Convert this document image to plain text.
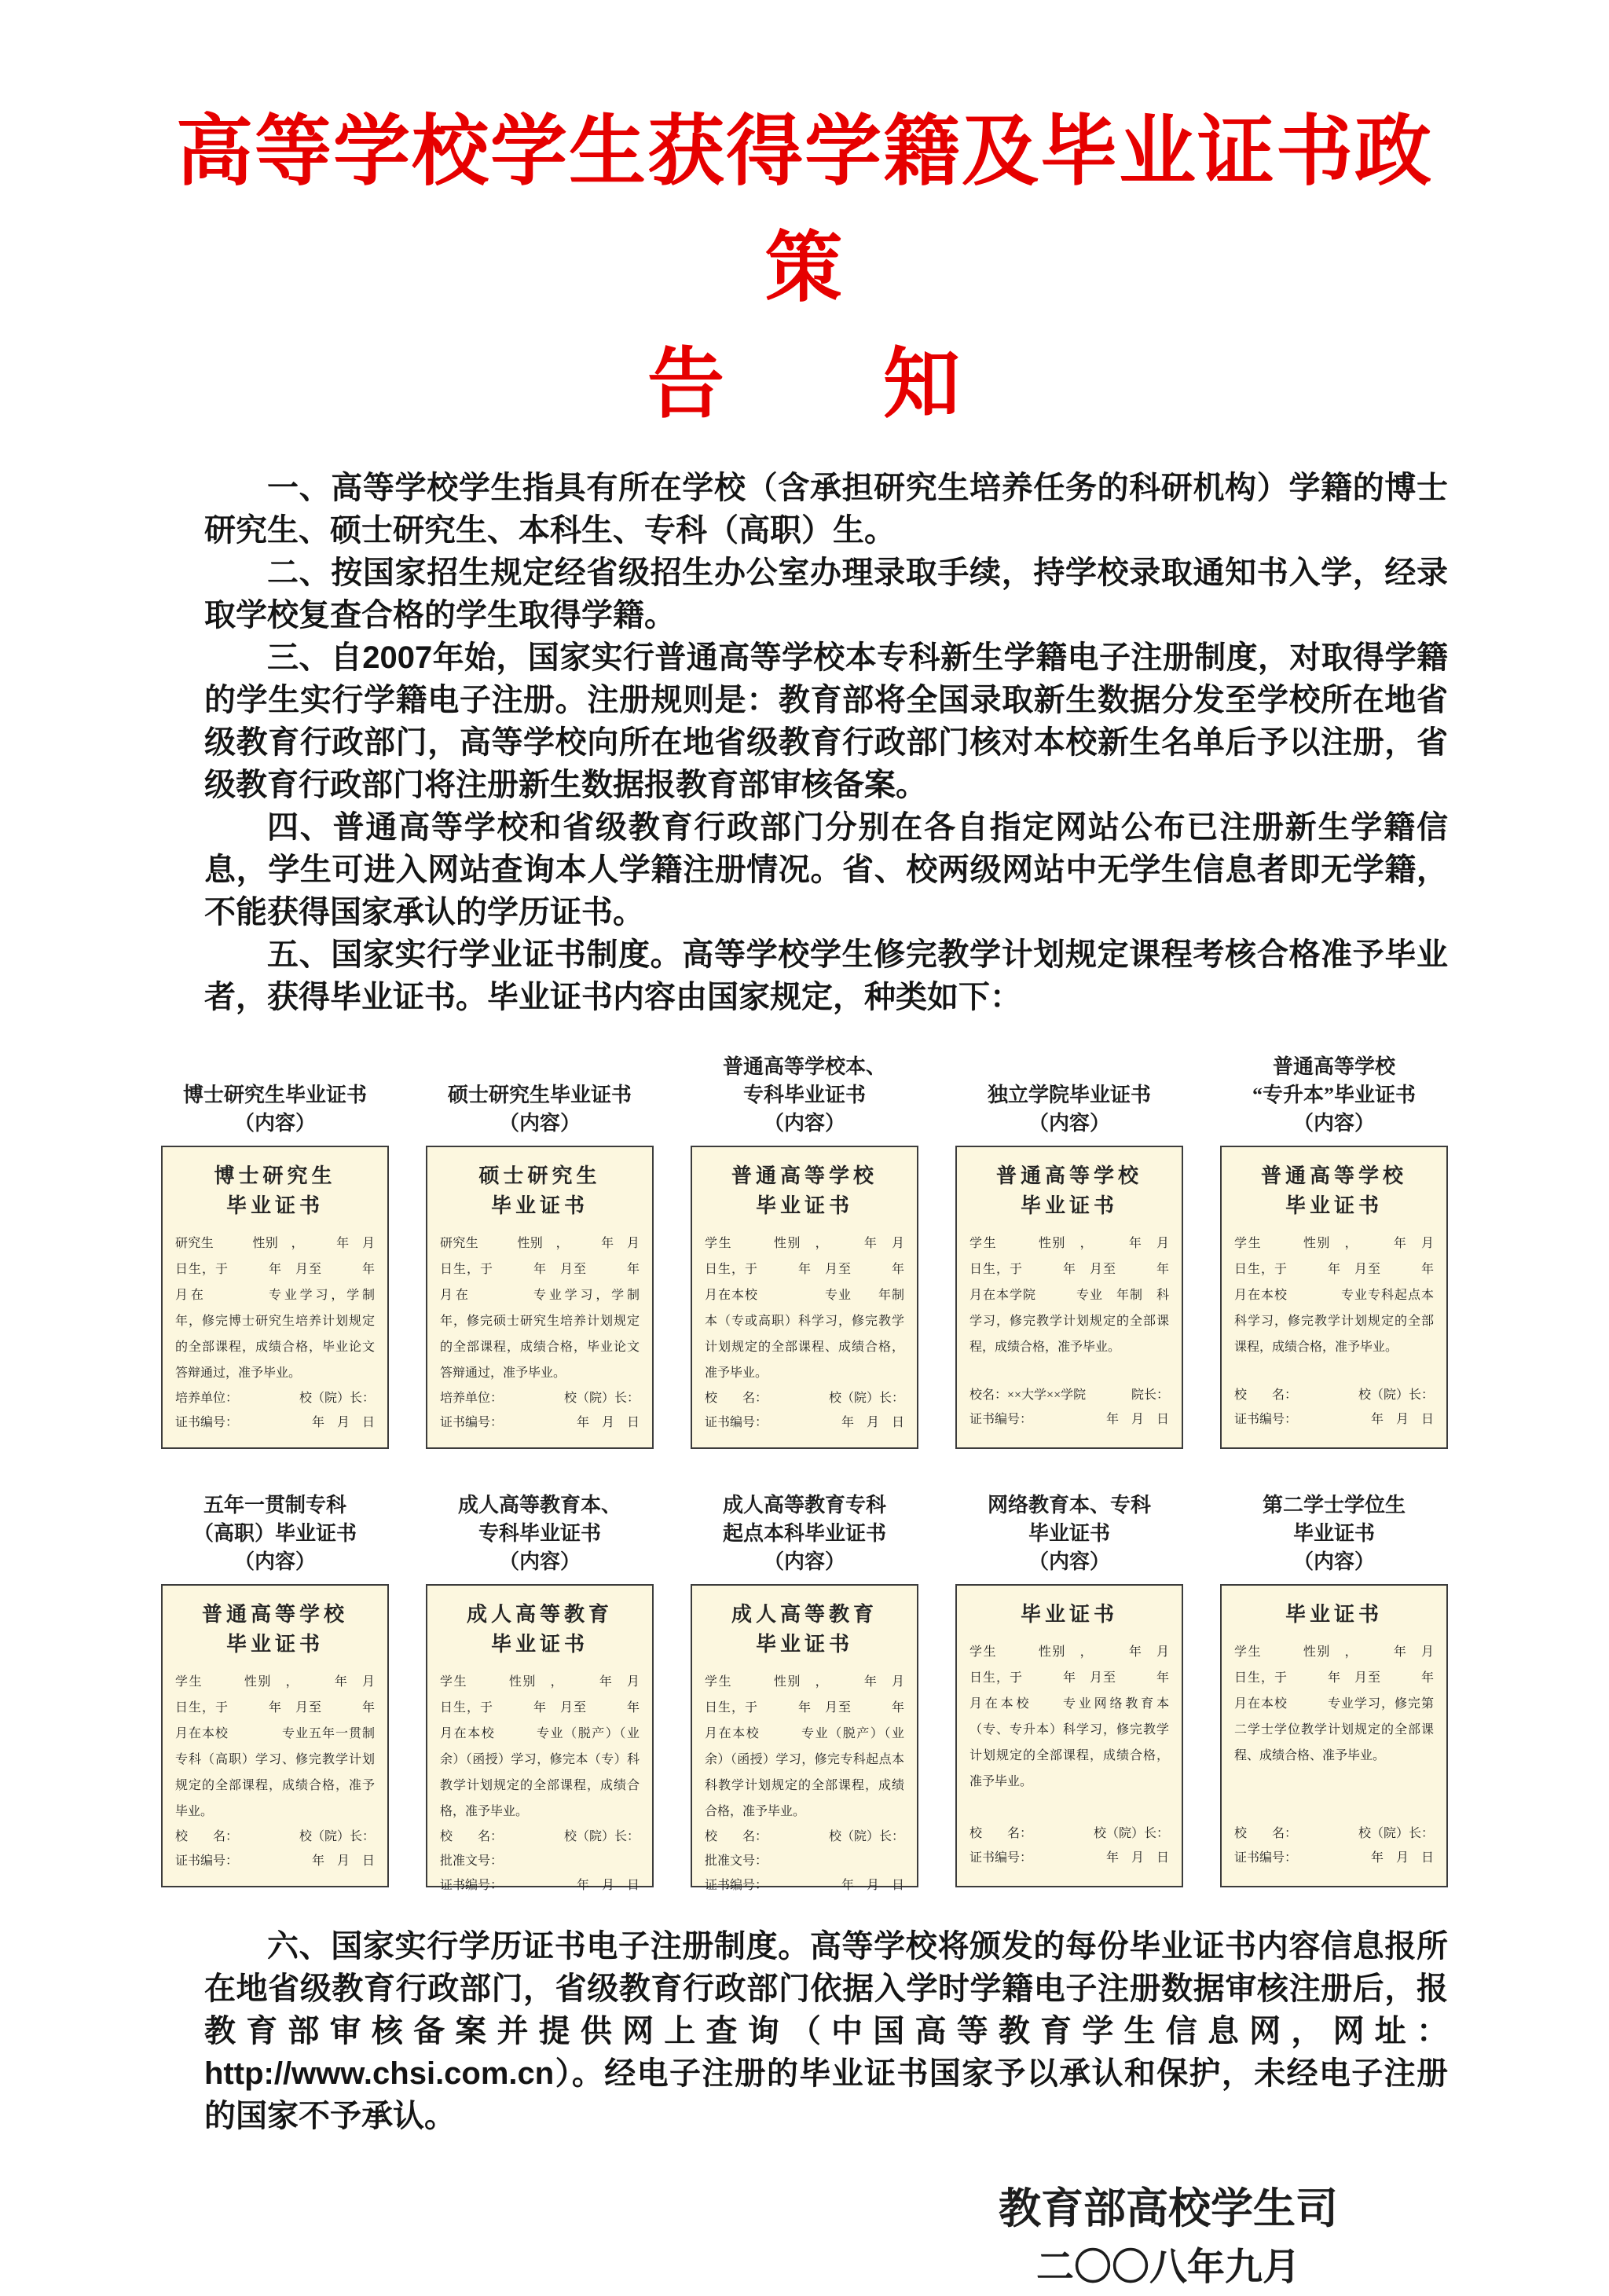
高等学校学生获得学籍及毕业证书政策
告　　知

一、高等学校学生指具有所在学校（含承担研究生培养任务的科研机构）学籍的博士研究生、硕士研究生、本科生、专科（高职）生。

二、按国家招生规定经省级招生办公室办理录取手续，持学校录取通知书入学，经录取学校复查合格的学生取得学籍。

三、自2007年始，国家实行普通高等学校本专科新生学籍电子注册制度，对取得学籍的学生实行学籍电子注册。注册规则是：教育部将全国录取新生数据分发至学校所在地省级教育行政部门，高等学校向所在地省级教育行政部门核对本校新生名单后予以注册，省级教育行政部门将注册新生数据报教育部审核备案。

四、普通高等学校和省级教育行政部门分别在各自指定网站公布已注册新生学籍信息，学生可进入网站查询本人学籍注册情况。省、校两级网站中无学生信息者即无学籍，不能获得国家承认的学历证书。

五、国家实行学业证书制度。高等学校学生修完教学计划规定课程考核合格准予毕业者，获得毕业证书。毕业证书内容由国家规定，种类如下：

博士研究生毕业证书
（内容）
博士研究生
毕业证书
研究生　　　性别　，　　　年　月　日生，于　　　年　月至　　　年　月在　　　　专业学习，学制　年，修完博士研究生培养计划规定的全部课程，成绩合格，毕业论文答辩通过，准予毕业。
培养单位：	校（院）长：
证书编号：	年　月　日
硕士研究生毕业证书
（内容）
硕士研究生
毕业证书
研究生　　　性别　，　　　年　月　日生，于　　　年　月至　　　年　月在　　　　专业学习，学制　年，修完硕士研究生培养计划规定的全部课程，成绩合格，毕业论文答辩通过，准予毕业。
培养单位：	校（院）长：
证书编号：	年　月　日
普通高等学校本、
专科毕业证书
（内容）
普通高等学校
毕业证书
学生　　　性别　，　　　年　月　日生，于　　　年　月至　　　年　月在本校　　　　　专业　　年制本（专或高职）科学习，修完教学计划规定的全部课程、成绩合格，准予毕业。
校　　名：	校（院）长：
证书编号：	年　月　日
独立学院毕业证书
（内容）
普通高等学校
毕业证书
学生　　　性别　，　　　年　月　日生，于　　　年　月至　　　年　月在本学院　　　专业　年制　科学习，修完教学计划规定的全部课程，成绩合格，准予毕业。
校名：××大学××学院	院长：
证书编号：	年　月　日
普通高等学校
“专升本”毕业证书
（内容）
普通高等学校
毕业证书
学生　　　性别　，　　　年　月　日生，于　　　年　月至　　　年　月在本校　　　　专业专科起点本科学习，修完教学计划规定的全部课程，成绩合格，准予毕业。
校　　名：	校（院）长：
证书编号：	年　月　日
五年一贯制专科
（高职）毕业证书
（内容）
普通高等学校
毕业证书
学生　　　性别　，　　　年　月　日生，于　　　年　月至　　　年　月在本校　　　　专业五年一贯制专科（高职）学习、修完教学计划规定的全部课程，成绩合格，准予毕业。
校　　名：	校（院）长：
证书编号：	年　月　日
成人高等教育本、
专科毕业证书
（内容）
成人高等教育
毕业证书
学生　　　性别　，　　　年　月　日生，于　　　年　月至　　　年　月在本校　　　专业（脱产）（业余）（函授）学习，修完本（专）科教学计划规定的全部课程，成绩合格，准予毕业。
校　　名：	校（院）长：
批准文号：
证书编号：	年　月　日
成人高等教育专科
起点本科毕业证书
（内容）
成人高等教育
毕业证书
学生　　　性别　，　　　年　月　日生，于　　　年　月至　　　年　月在本校　　　专业（脱产）（业余）（函授）学习，修完专科起点本科教学计划规定的全部课程，成绩合格，准予毕业。
校　　名：	校（院）长：
批准文号：
证书编号：	年　月　日
网络教育本、专科
毕业证书
（内容）
毕业证书
学生　　　性别　，　　　年　月　日生，于　　　年　月至　　　年　月在本校　　专业网络教育本（专、专升本）科学习，修完教学计划规定的全部课程，成绩合格，准予毕业。
校　　名：	校（院）长：
证书编号：	年　月　日
第二学士学位生
毕业证书
（内容）
毕业证书
学生　　　性别　，　　　年　月　日生，于　　　年　月至　　　年　月在本校　　　专业学习，修完第二学士学位教学计划规定的全部课程、成绩合格、准予毕业。
校　　名：	校（院）长：
证书编号：	年　月　日

六、国家实行学历证书电子注册制度。高等学校将颁发的每份毕业证书内容信息报所在地省级教育行政部门，省级教育行政部门依据入学时学籍电子注册数据审核注册后，报教育部审核备案并提供网上查询（中国高等教育学生信息网，网址：http://www.chsi.com.cn）。经电子注册的毕业证书国家予以承认和保护，未经电子注册的国家不予承认。

教育部高校学生司
二〇〇八年九月
